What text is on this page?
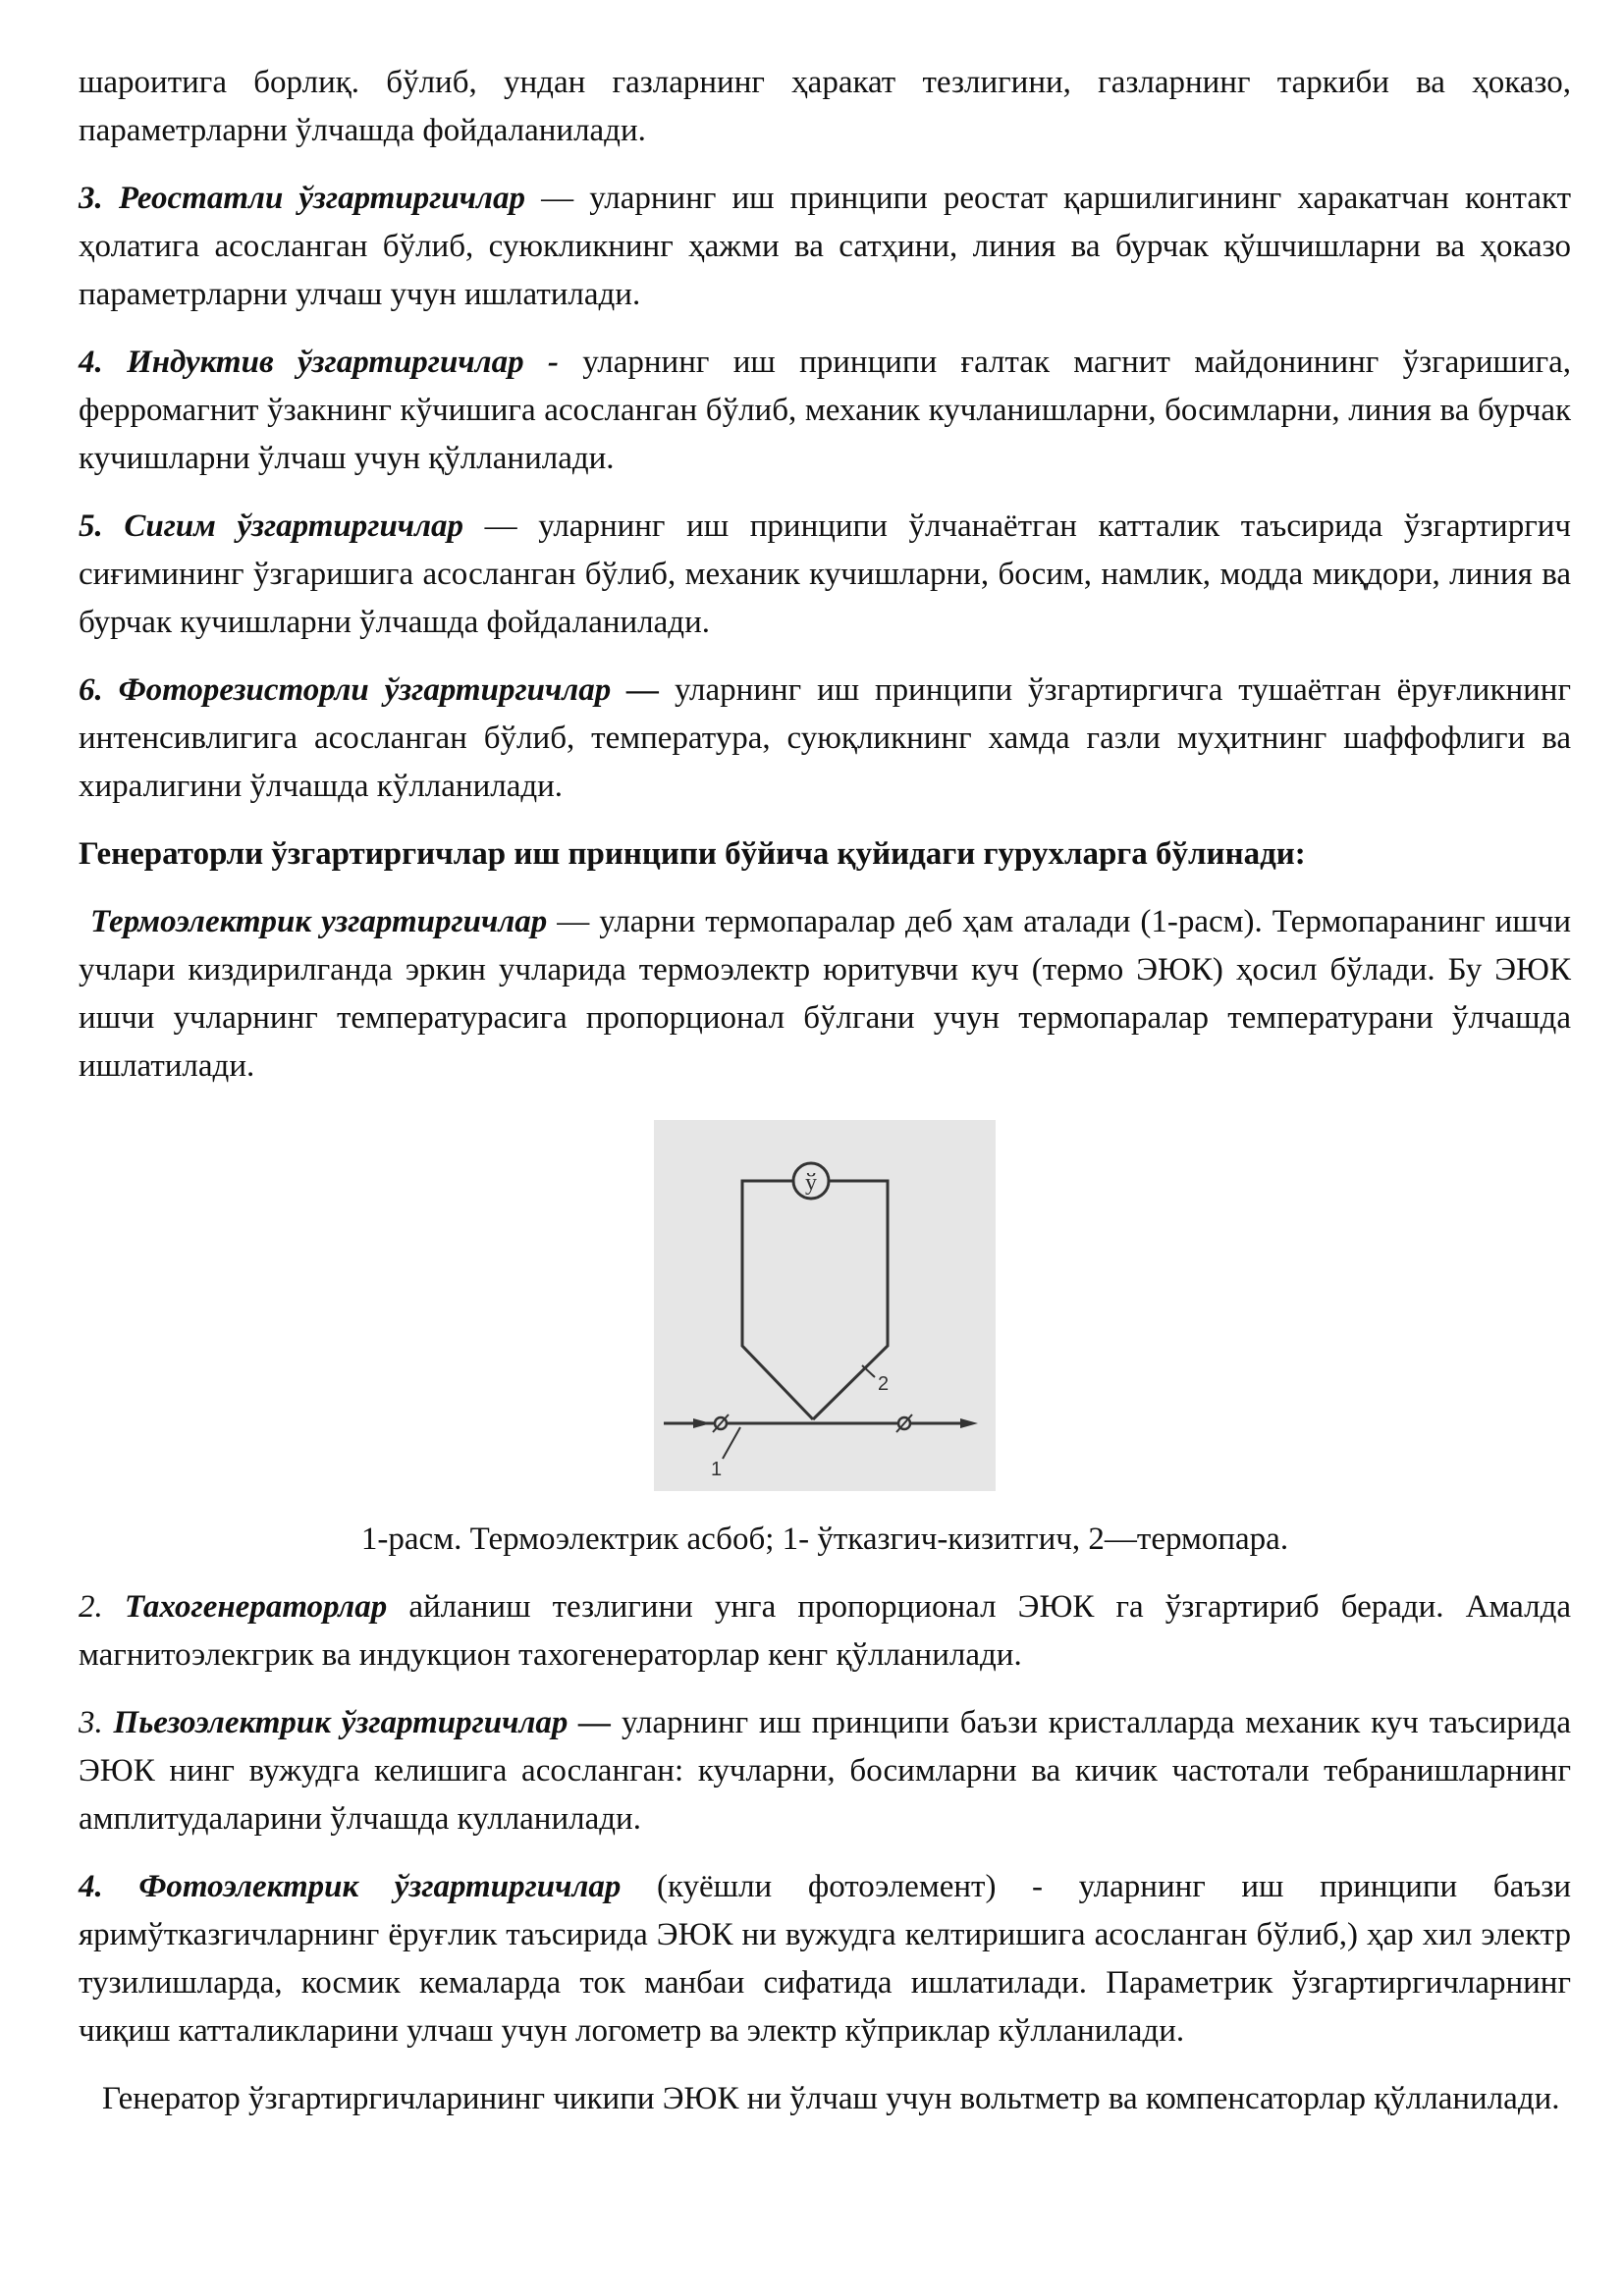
шароитига борлиқ. бўлиб, ундан газларнинг ҳаракат тезлигини, газларнинг таркиби ва ҳоказо, параметрларни ўлчашда фойдаланилади.

3. Реостатли ўзгартиргичлар — уларнинг иш принципи реостат қаршилигининг харакатчан контакт ҳолатига асосланган бўлиб, суюкликнинг ҳажми ва сатҳини, линия ва бурчак қўшчишларни ва ҳоказо параметрларни улчаш учун ишлатилади.

4. Индуктив ўзгартиргичлар - уларнинг иш принципи ғалтак магнит майдонининг ўзгаришига, ферромагнит ўзакнинг кўчишига асосланган бўлиб, механик кучланишларни, босимларни, линия ва бурчак кучишларни ўлчаш учун қўлланилади.

5. Сигим ўзгартиргичлар — уларнинг иш принципи ўлчанаётган катталик таъсирида ўзгартиргич сиғимининг ўзгаришига асосланган бўлиб, механик кучишларни, босим, намлик, модда миқдори, линия ва бурчак кучишларни ўлчашда фойдаланилади.

6. Фоторезисторли ўзгартиргичлар — уларнинг иш принципи ўзгартиргичга тушаётган ёруғликнинг интенсивлигига асосланган бўлиб, температура, суюқликнинг хамда газли муҳитнинг шаффофлиги ва хиралигини ўлчашда кўлланилади.

Генераторли ўзгартиргичлар иш принципи бўйича қуйидаги гурухларга бўлинади:

Термоэлектрик узгартиргичлар — уларни термопаралар деб ҳам аталади (1-расм). Термопаранинг ишчи учлари киздирилганда эркин учларида термоэлектр юритувчи куч (термо ЭЮК) ҳосил бўлади. Бу ЭЮК ишчи учларнинг температурасига пропорционал бўлгани учун термопаралар температурани ўлчашда ишлатилади.

ў
1
2

1-расм. Термоэлектрик асбоб; 1- ўтказгич-кизитгич, 2—термопара.

2. Тахогенераторлар айланиш тезлигини унга пропорционал ЭЮК га ўзгартириб беради. Амалда магнитоэлекгрик ва индукцион тахогенераторлар кенг қўлланилади.

3. Пьезоэлектрик ўзгартиргичлар — уларнинг иш принципи баъзи кристалларда механик куч таъсирида ЭЮК нинг вужудга келишига асосланган: кучларни, босимларни ва кичик частотали тебранишларнинг амплитудаларини ўлчашда кулланилади.

4. Фотоэлектрик ўзгартиргичлар (куёшли фотоэлемент) - уларнинг иш принципи баъзи яримўтказгичларнинг ёруғлик таъсирида ЭЮК ни вужудга келтиришига асосланган бўлиб,) ҳар хил электр тузилишларда, космик кемаларда ток манбаи сифатида ишлатилади. Параметрик ўзгартиргичларнинг чиқиш катталикларини улчаш учун логометр ва электр кўприклар кўлланилади.

Генератор ўзгартиргичларининг чикипи ЭЮК ни ўлчаш учун вольтметр ва компенсаторлар қўлланилади.
